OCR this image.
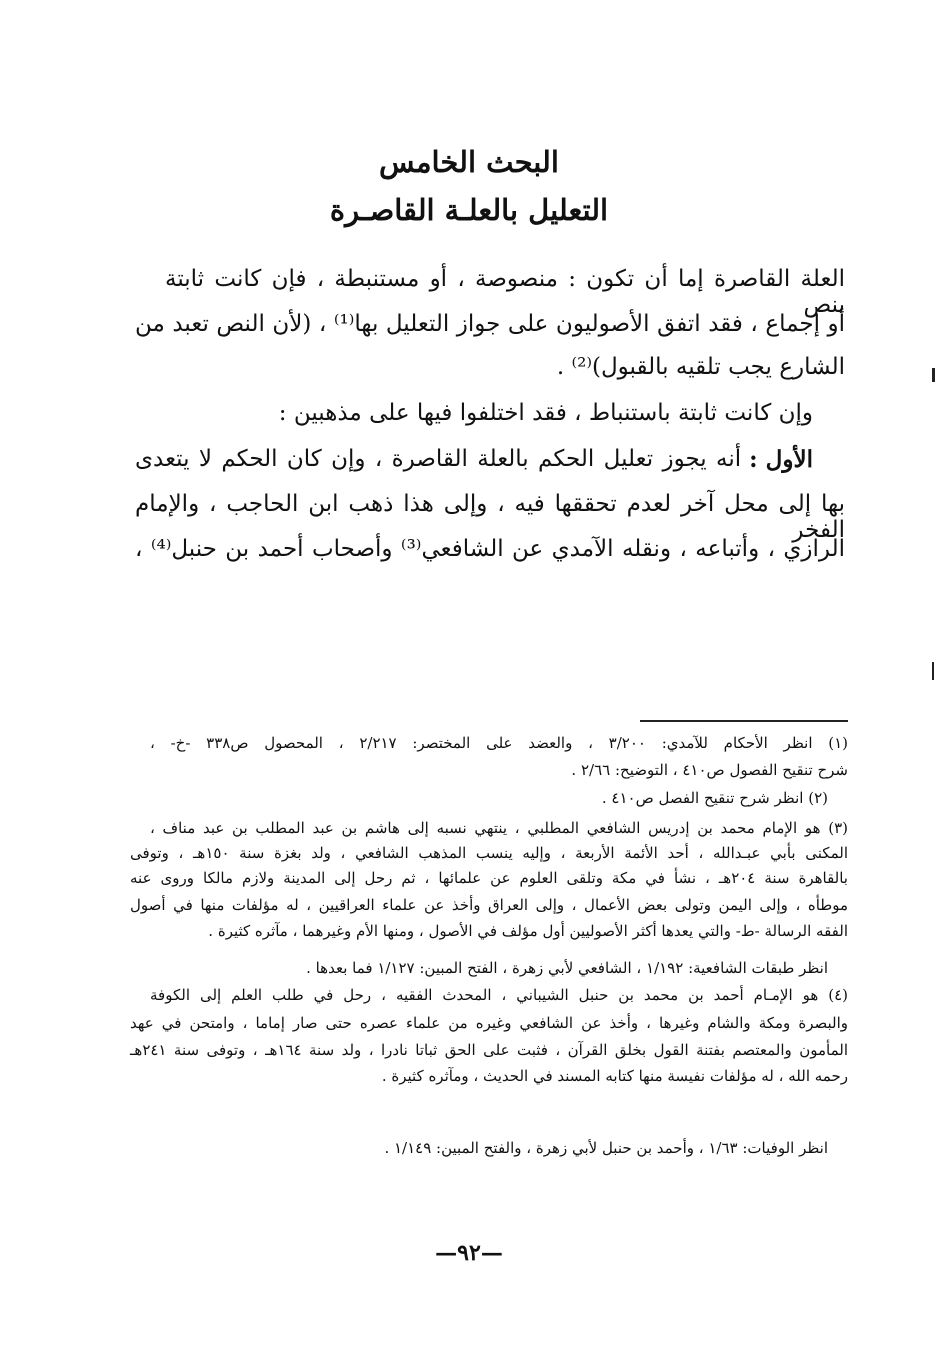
البحث الخامس
التعليل بالعلـة القاصـرة
العلة القاصرة إما أن تكون : منصوصة ، أو مستنبطة ، فإن كانت ثابتة بنص
أو إجماع ، فقد اتفق الأصوليون على جواز التعليل بها⁽¹⁾ ، (لأن النص تعبد من
الشارع يجب تلقيه بالقبول)⁽²⁾ .
وإن كانت ثابتة باستنباط ، فقد اختلفوا فيها على مذهبين :
الأول :
أنه يجوز تعليل الحكم بالعلة القاصرة ، وإن كان الحكم لا يتعدى
بها إلى محل آخر لعدم تحققها فيه ، وإلى هذا ذهب ابن الحاجب ، والإمام الفخر
الرازي ، وأتباعه ، ونقله الآمدي عن الشافعي⁽³⁾ وأصحاب أحمد بن حنبل⁽⁴⁾ ،
(١) انظر الأحكام للآمدي: ٣/٢٠٠ ، والعضد على المختصر: ٢/٢١٧ ، المحصول ص٣٣٨ -خ- ،
شرح تنقيح الفصول ص٤١٠ ، التوضيح: ٢/٦٦ .
(٢) انظر شرح تنقيح الفصل ص٤١٠ .
(٣) هو الإمام محمد بن إدريس الشافعي المطلبي ، ينتهي نسبه إلى هاشم بن عبد المطلب بن عبد مناف ،
المكنى بأبي عبـدالله ، أحد الأئمة الأربعة ، وإليه ينسب المذهب الشافعي ، ولد بغزة سنة ١٥٠هـ ، وتوفى
بالقاهرة سنة ٢٠٤هـ ، نشأ في مكة وتلقى العلوم عن علمائها ، ثم رحل إلى المدينة ولازم مالكا وروى عنه
موطأه ، وإلى اليمن وتولى بعض الأعمال ، وإلى العراق وأخذ عن علماء العراقيين ، له مؤلفات منها في أصول
الفقه الرسالة -ط- والتي يعدها أكثر الأصوليين أول مؤلف في الأصول ، ومنها الأم وغيرهما ، مآثره كثيرة .
انظر طبقات الشافعية: ١/١٩٢ ، الشافعي لأبي زهرة ، الفتح المبين: ١/١٢٧ فما بعدها .
(٤) هو الإمـام أحمد بن محمد بن حنبل الشيباني ، المحدث الفقيه ، رحل في طلب العلم إلى الكوفة
والبصرة ومكة والشام وغيرها ، وأخذ عن الشافعي وغيره من علماء عصره حتى صار إماما ، وامتحن في عهد
المأمون والمعتصم بفتنة القول بخلق القرآن ، فثبت على الحق ثباتا نادرا ، ولد سنة ١٦٤هـ ، وتوفى سنة ٢٤١هـ
رحمه الله ، له مؤلفات نفيسة منها كتابه المسند في الحديث ، ومآثره كثيرة .
انظر الوفيات: ١/٦٣ ، وأحمد بن حنبل لأبي زهرة ، والفتح المبين: ١/١٤٩ .
—٩٢—
